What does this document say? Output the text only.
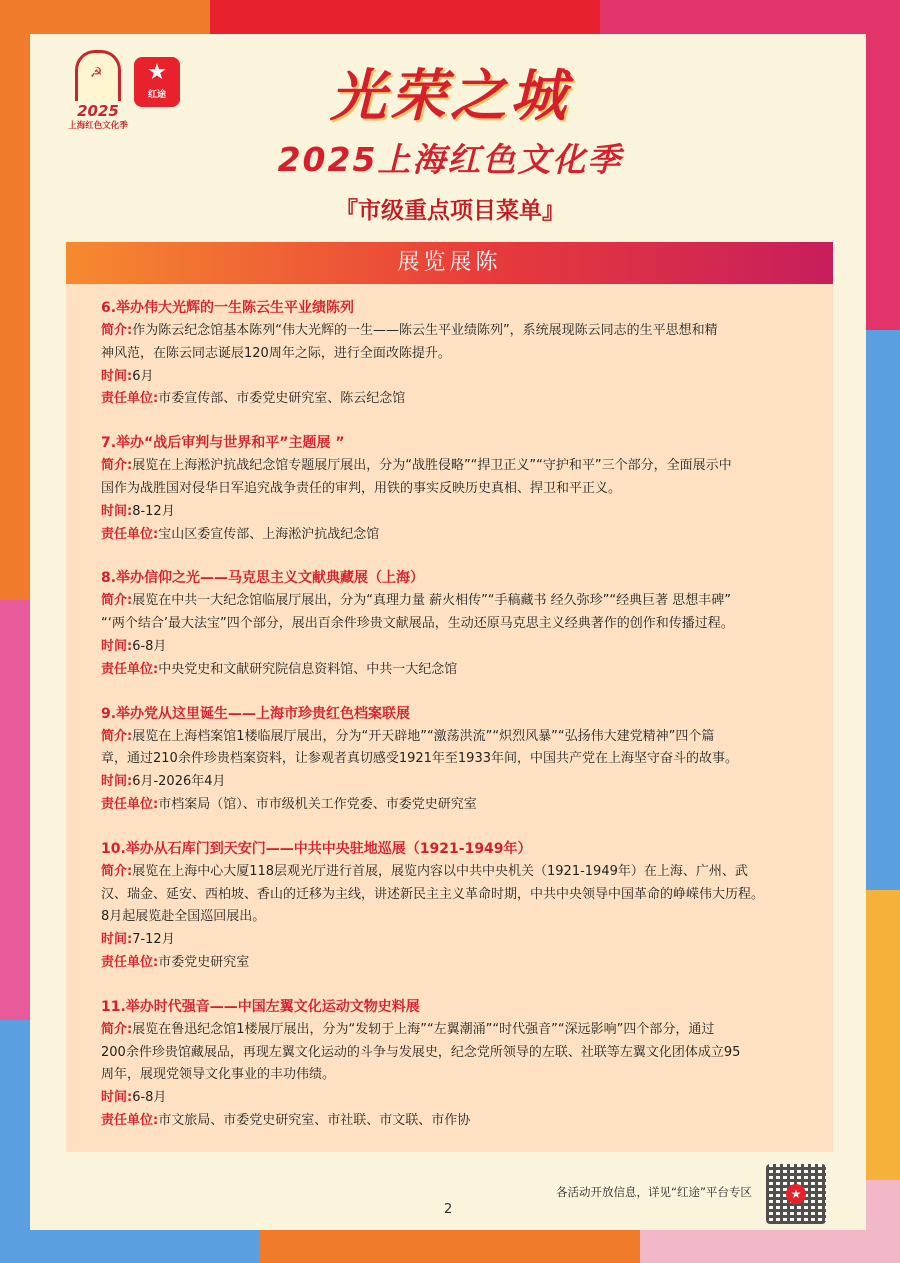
☭
2025
上海红色文化季
★
红途	光荣之城
2025上海红色文化季
『市级重点项目菜单』
展览展陈
6.举办伟大光辉的一生陈云生平业绩陈列
简介:作为陈云纪念馆基本陈列“伟大光辉的一生——陈云生平业绩陈列”，系统展现陈云同志的生平思想和精
神风范，在陈云同志诞辰120周年之际，进行全面改陈提升。
时间:6月
责任单位:市委宣传部、市委党史研究室、陈云纪念馆
7.举办“战后审判与世界和平”主题展 ”
简介:展览在上海淞沪抗战纪念馆专题展厅展出，分为“战胜侵略”“捍卫正义”“守护和平”三个部分，全面展示中
国作为战胜国对侵华日军追究战争责任的审判，用铁的事实反映历史真相、捍卫和平正义。
时间:8-12月
责任单位:宝山区委宣传部、上海淞沪抗战纪念馆
8.举办信仰之光——马克思主义文献典藏展（上海）
简介:展览在中共一大纪念馆临展厅展出，分为“真理力量 薪火相传”“手稿藏书 经久弥珍”“经典巨著 思想丰碑”
“‘两个结合’最大法宝”四个部分，展出百余件珍贵文献展品，生动还原马克思主义经典著作的创作和传播过程。
时间:6-8月
责任单位:中央党史和文献研究院信息资料馆、中共一大纪念馆
9.举办党从这里诞生——上海市珍贵红色档案联展
简介:展览在上海档案馆1楼临展厅展出，分为“开天辟地”“激荡洪流”“炽烈风暴”“弘扬伟大建党精神”四个篇
章，通过210余件珍贵档案资料，让参观者真切感受1921年至1933年间，中国共产党在上海坚守奋斗的故事。
时间:6月-2026年4月
责任单位:市档案局（馆）、市市级机关工作党委、市委党史研究室
10.举办从石库门到天安门——中共中央驻地巡展（1921-1949年）
简介:展览在上海中心大厦118层观光厅进行首展，展览内容以中共中央机关（1921-1949年）在上海、广州、武
汉、瑞金、延安、西柏坡、香山的迁移为主线，讲述新民主主义革命时期，中共中央领导中国革命的峥嵘伟大历程。
8月起展览赴全国巡回展出。
时间:7-12月
责任单位:市委党史研究室
11.举办时代强音——中国左翼文化运动文物史料展
简介:展览在鲁迅纪念馆1楼展厅展出，分为“发轫于上海”“左翼潮涌”“时代强音”“深远影响”四个部分，通过
200余件珍贵馆藏展品，再现左翼文化运动的斗争与发展史，纪念党所领导的左联、社联等左翼文化团体成立95
周年，展现党领导文化事业的丰功伟绩。
时间:6-8月
责任单位:市文旅局、市委党史研究室、市社联、市文联、市作协
各活动开放信息，详见“红途”平台专区
2
★
